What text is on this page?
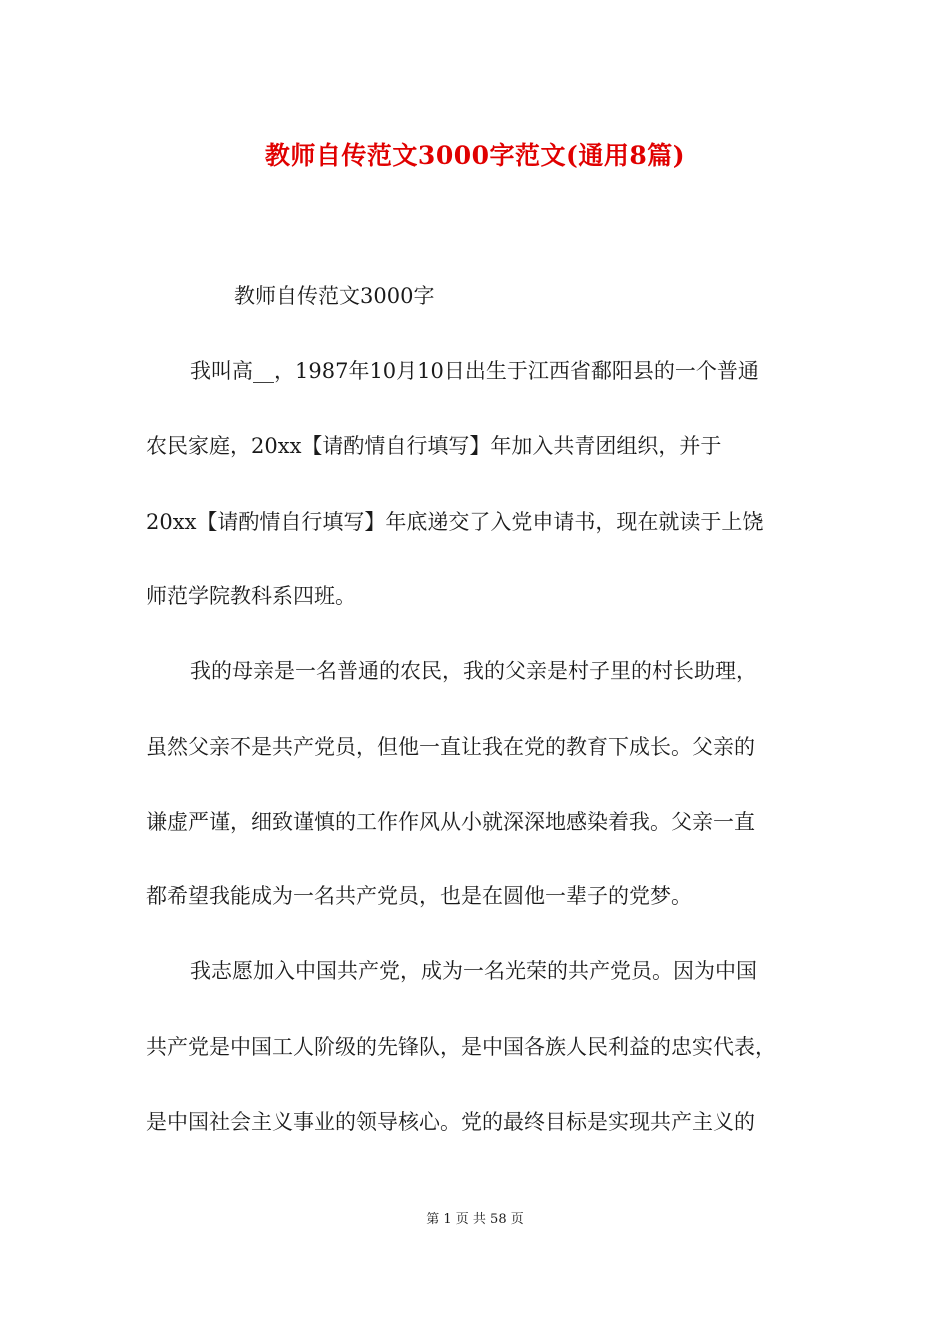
教师自传范文3000字范文(通用8篇)
教师自传范文3000字
我叫高__，1987年10月10日出生于江西省鄱阳县的一个普通
农民家庭，20xx【请酌情自行填写】年加入共青团组织，并于
20xx【请酌情自行填写】年底递交了入党申请书，现在就读于上饶
师范学院教科系四班。
我的母亲是一名普通的农民，我的父亲是村子里的村长助理，
虽然父亲不是共产党员，但他一直让我在党的教育下成长。父亲的
谦虚严谨，细致谨慎的工作作风从小就深深地感染着我。父亲一直
都希望我能成为一名共产党员，也是在圆他一辈子的党梦。
我志愿加入中国共产党，成为一名光荣的共产党员。因为中国
共产党是中国工人阶级的先锋队，是中国各族人民利益的忠实代表，
是中国社会主义事业的领导核心。党的最终目标是实现共产主义的
第 1 页 共 58 页
